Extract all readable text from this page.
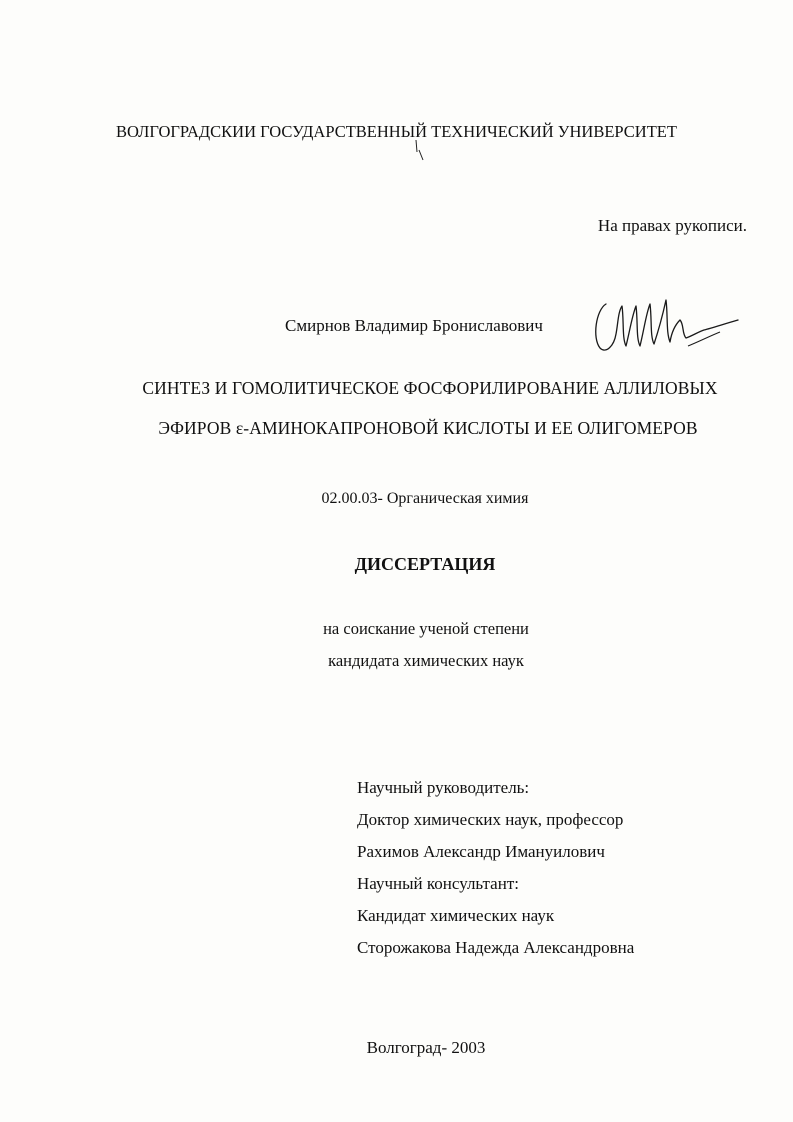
ВОЛГОГРАДСКИИ ГОСУДАРСТВЕННЫЙ ТЕХНИЧЕСКИЙ УНИВЕРСИТЕТ
На правах рукописи.
Смирнов Владимир Брониславович
СИНТЕЗ И ГОМОЛИТИЧЕСКОЕ ФОСФОРИЛИРОВАНИЕ АЛЛИЛОВЫХ
ЭФИРОВ ε-АМИНОКАПРОНОВОЙ КИСЛОТЫ И ЕЕ ОЛИГОМЕРОВ
02.00.03- Органическая химия
ДИССЕРТАЦИЯ
на соискание ученой степени
кандидата химических наук
Научный руководитель:
Доктор химических наук, профессор
Рахимов Александр Имануилович
Научный консультант:
Кандидат химических наук
Сторожакова Надежда Александровна
Волгоград- 2003
